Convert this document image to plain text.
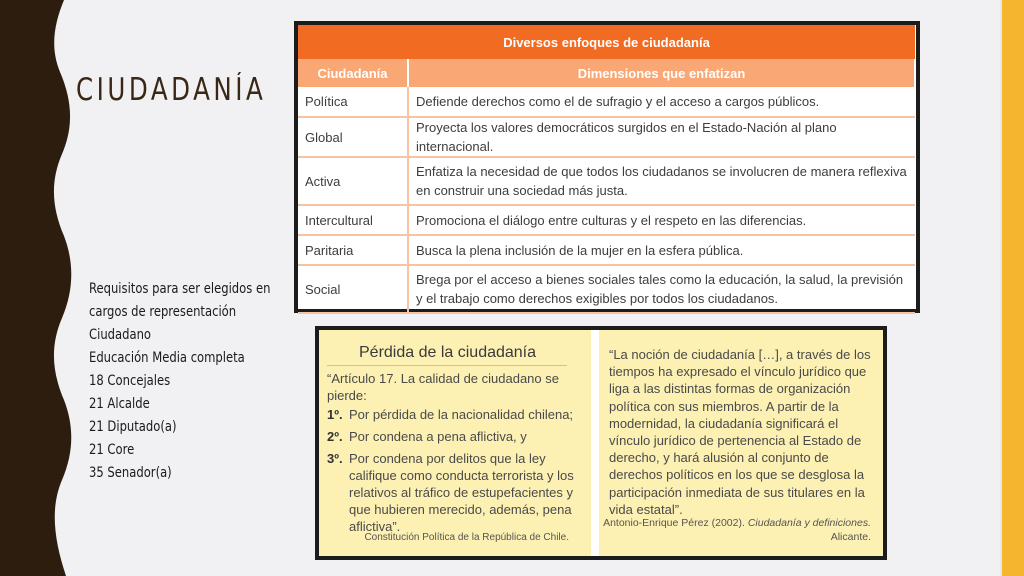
CIUDADANÍA
Requisitos para ser elegidos en
cargos de representación
Ciudadano
Educación Media completa
18 Concejales
21 Alcalde
21 Diputado(a)
21 Core
35 Senador(a)
Diversos enfoques de ciudadanía	
Ciudadanía	Dimensiones que enfatizan
Política	Defiende derechos como el de sufragio y el acceso a cargos públicos.
Global	Proyecta los valores democráticos surgidos en el Estado-Nación al plano internacional.
Activa	Enfatiza la necesidad de que todos los ciudadanos se involucren de manera reflexiva en construir una sociedad más justa.
Intercultural	Promociona el diálogo entre culturas y el respeto en las diferencias.
Paritaria	Busca la plena inclusión de la mujer en la esfera pública.
Social	Brega por el acceso a bienes sociales tales como la educación, la salud, la previsión y el trabajo como derechos exigibles por todos los ciudadanos.
Pérdida de la ciudadanía
“Artículo 17. La calidad de ciudadano se pierde:
1º. Por pérdida de la nacionalidad chilena;
2º. Por condena a pena aflictiva, y
3º. Por condena por delitos que la ley califique como conducta terrorista y los relativos al tráfico de estupefacientes y que hubieren merecido, además, pena aflictiva”.
Constitución Política de la República de Chile.
“La noción de ciudadanía […], a través de los tiempos ha expresado el vínculo jurídico que liga a las distintas formas de organización política con sus miembros. A partir de la modernidad, la ciudadanía significará el vínculo jurídico de pertenencia al Estado de derecho, y hará alusión al conjunto de derechos políticos en los que se desglosa la participación inmediata de sus titulares en la vida estatal”.
Antonio-Enrique Pérez (2002). Ciudadanía y definiciones.
Alicante.
